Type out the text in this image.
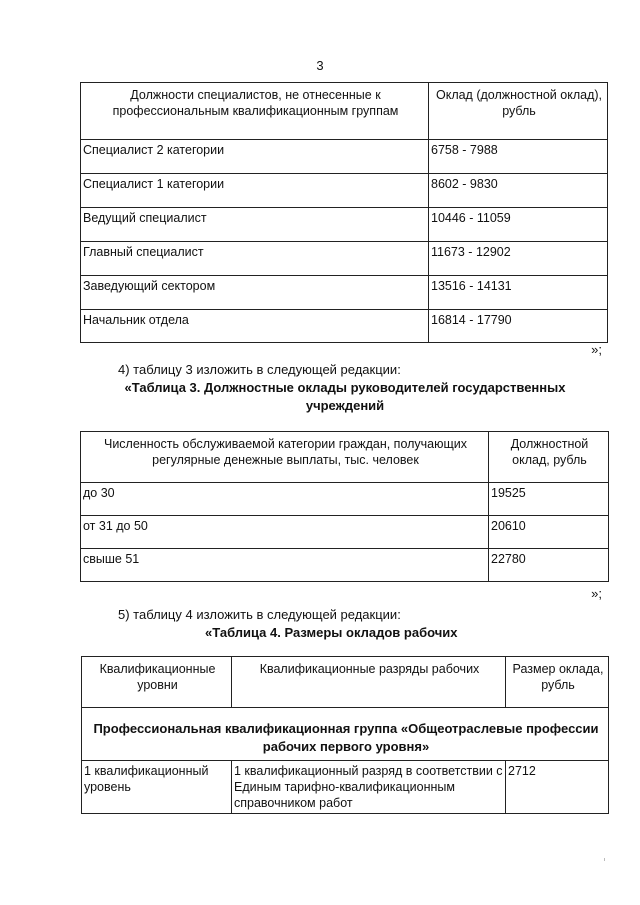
3
Должности специалистов, не отнесенные к профессиональным квалификационным группам	Оклад (должностной оклад), рубль
Специалист 2 категории	6758 - 7988
Специалист 1 категории	8602 - 9830
Ведущий специалист	10446 - 11059
Главный специалист	11673 - 12902
Заведующий сектором	13516 - 14131
Начальник отдела	16814 - 17790
»;
4) таблицу 3 изложить в следующей редакции:
«Таблица 3. Должностные оклады руководителей государственных учреждений
Численность обслуживаемой категории граждан, получающих регулярные денежные выплаты, тыс. человек	Должностной оклад, рубль
до 30	19525
от 31 до 50	20610
свыше 51	22780
»;
5) таблицу 4 изложить в следующей редакции:
«Таблица 4. Размеры окладов рабочих
Квалификационные уровни	Квалификационные разряды рабочих	Размер оклада, рубль
Профессиональная квалификационная группа «Общеотраслевые профессии рабочих первого уровня»		
1 квалификационный уровень	1 квалификационный разряд в соответствии с Единым тарифно-квалификационным справочником работ	2712
